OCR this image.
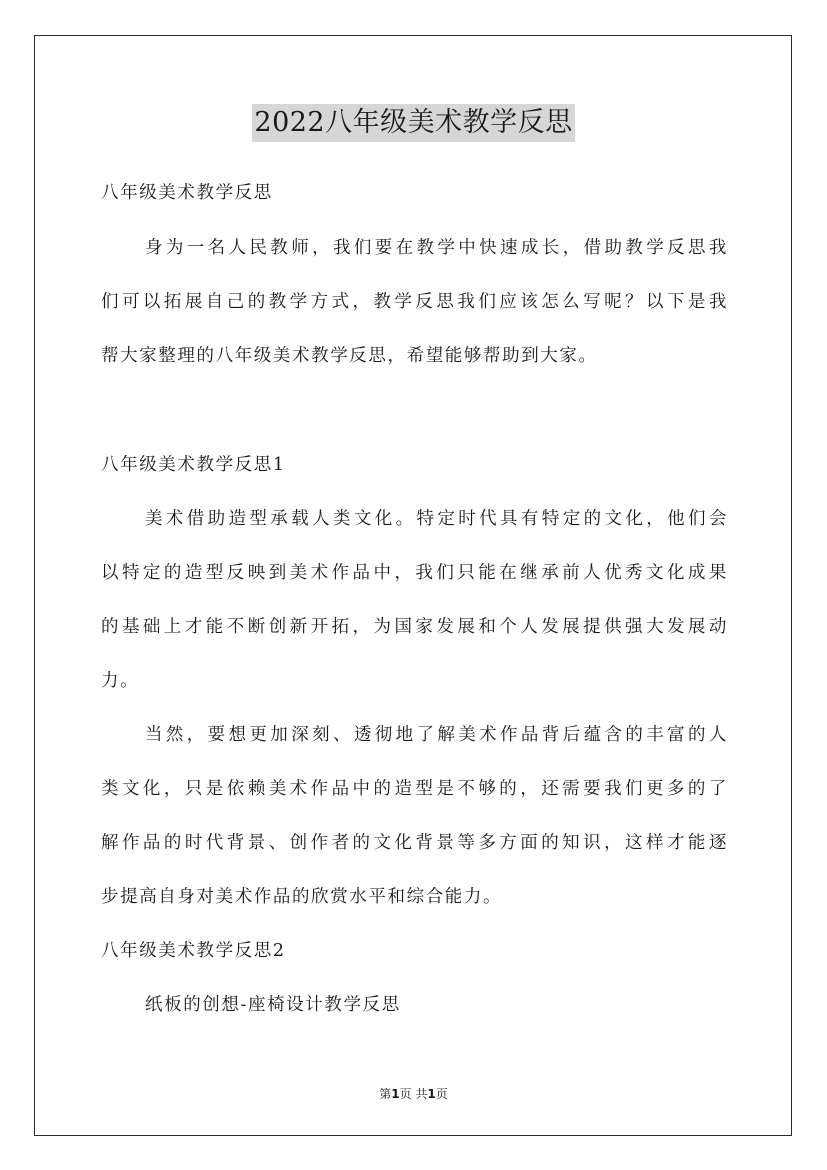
2022八年级美术教学反思
八年级美术教学反思
身为一名人民教师，我们要在教学中快速成长，借助教学反思我
们可以拓展自己的教学方式，教学反思我们应该怎么写呢？以下是我
帮大家整理的八年级美术教学反思，希望能够帮助到大家。
八年级美术教学反思1
美术借助造型承载人类文化。特定时代具有特定的文化，他们会
以特定的造型反映到美术作品中，我们只能在继承前人优秀文化成果
的基础上才能不断创新开拓，为国家发展和个人发展提供强大发展动
力。
当然，要想更加深刻、透彻地了解美术作品背后蕴含的丰富的人
类文化，只是依赖美术作品中的造型是不够的，还需要我们更多的了
解作品的时代背景、创作者的文化背景等多方面的知识，这样才能逐
步提高自身对美术作品的欣赏水平和综合能力。
八年级美术教学反思2
纸板的创想-座椅设计教学反思
第1页 共1页
